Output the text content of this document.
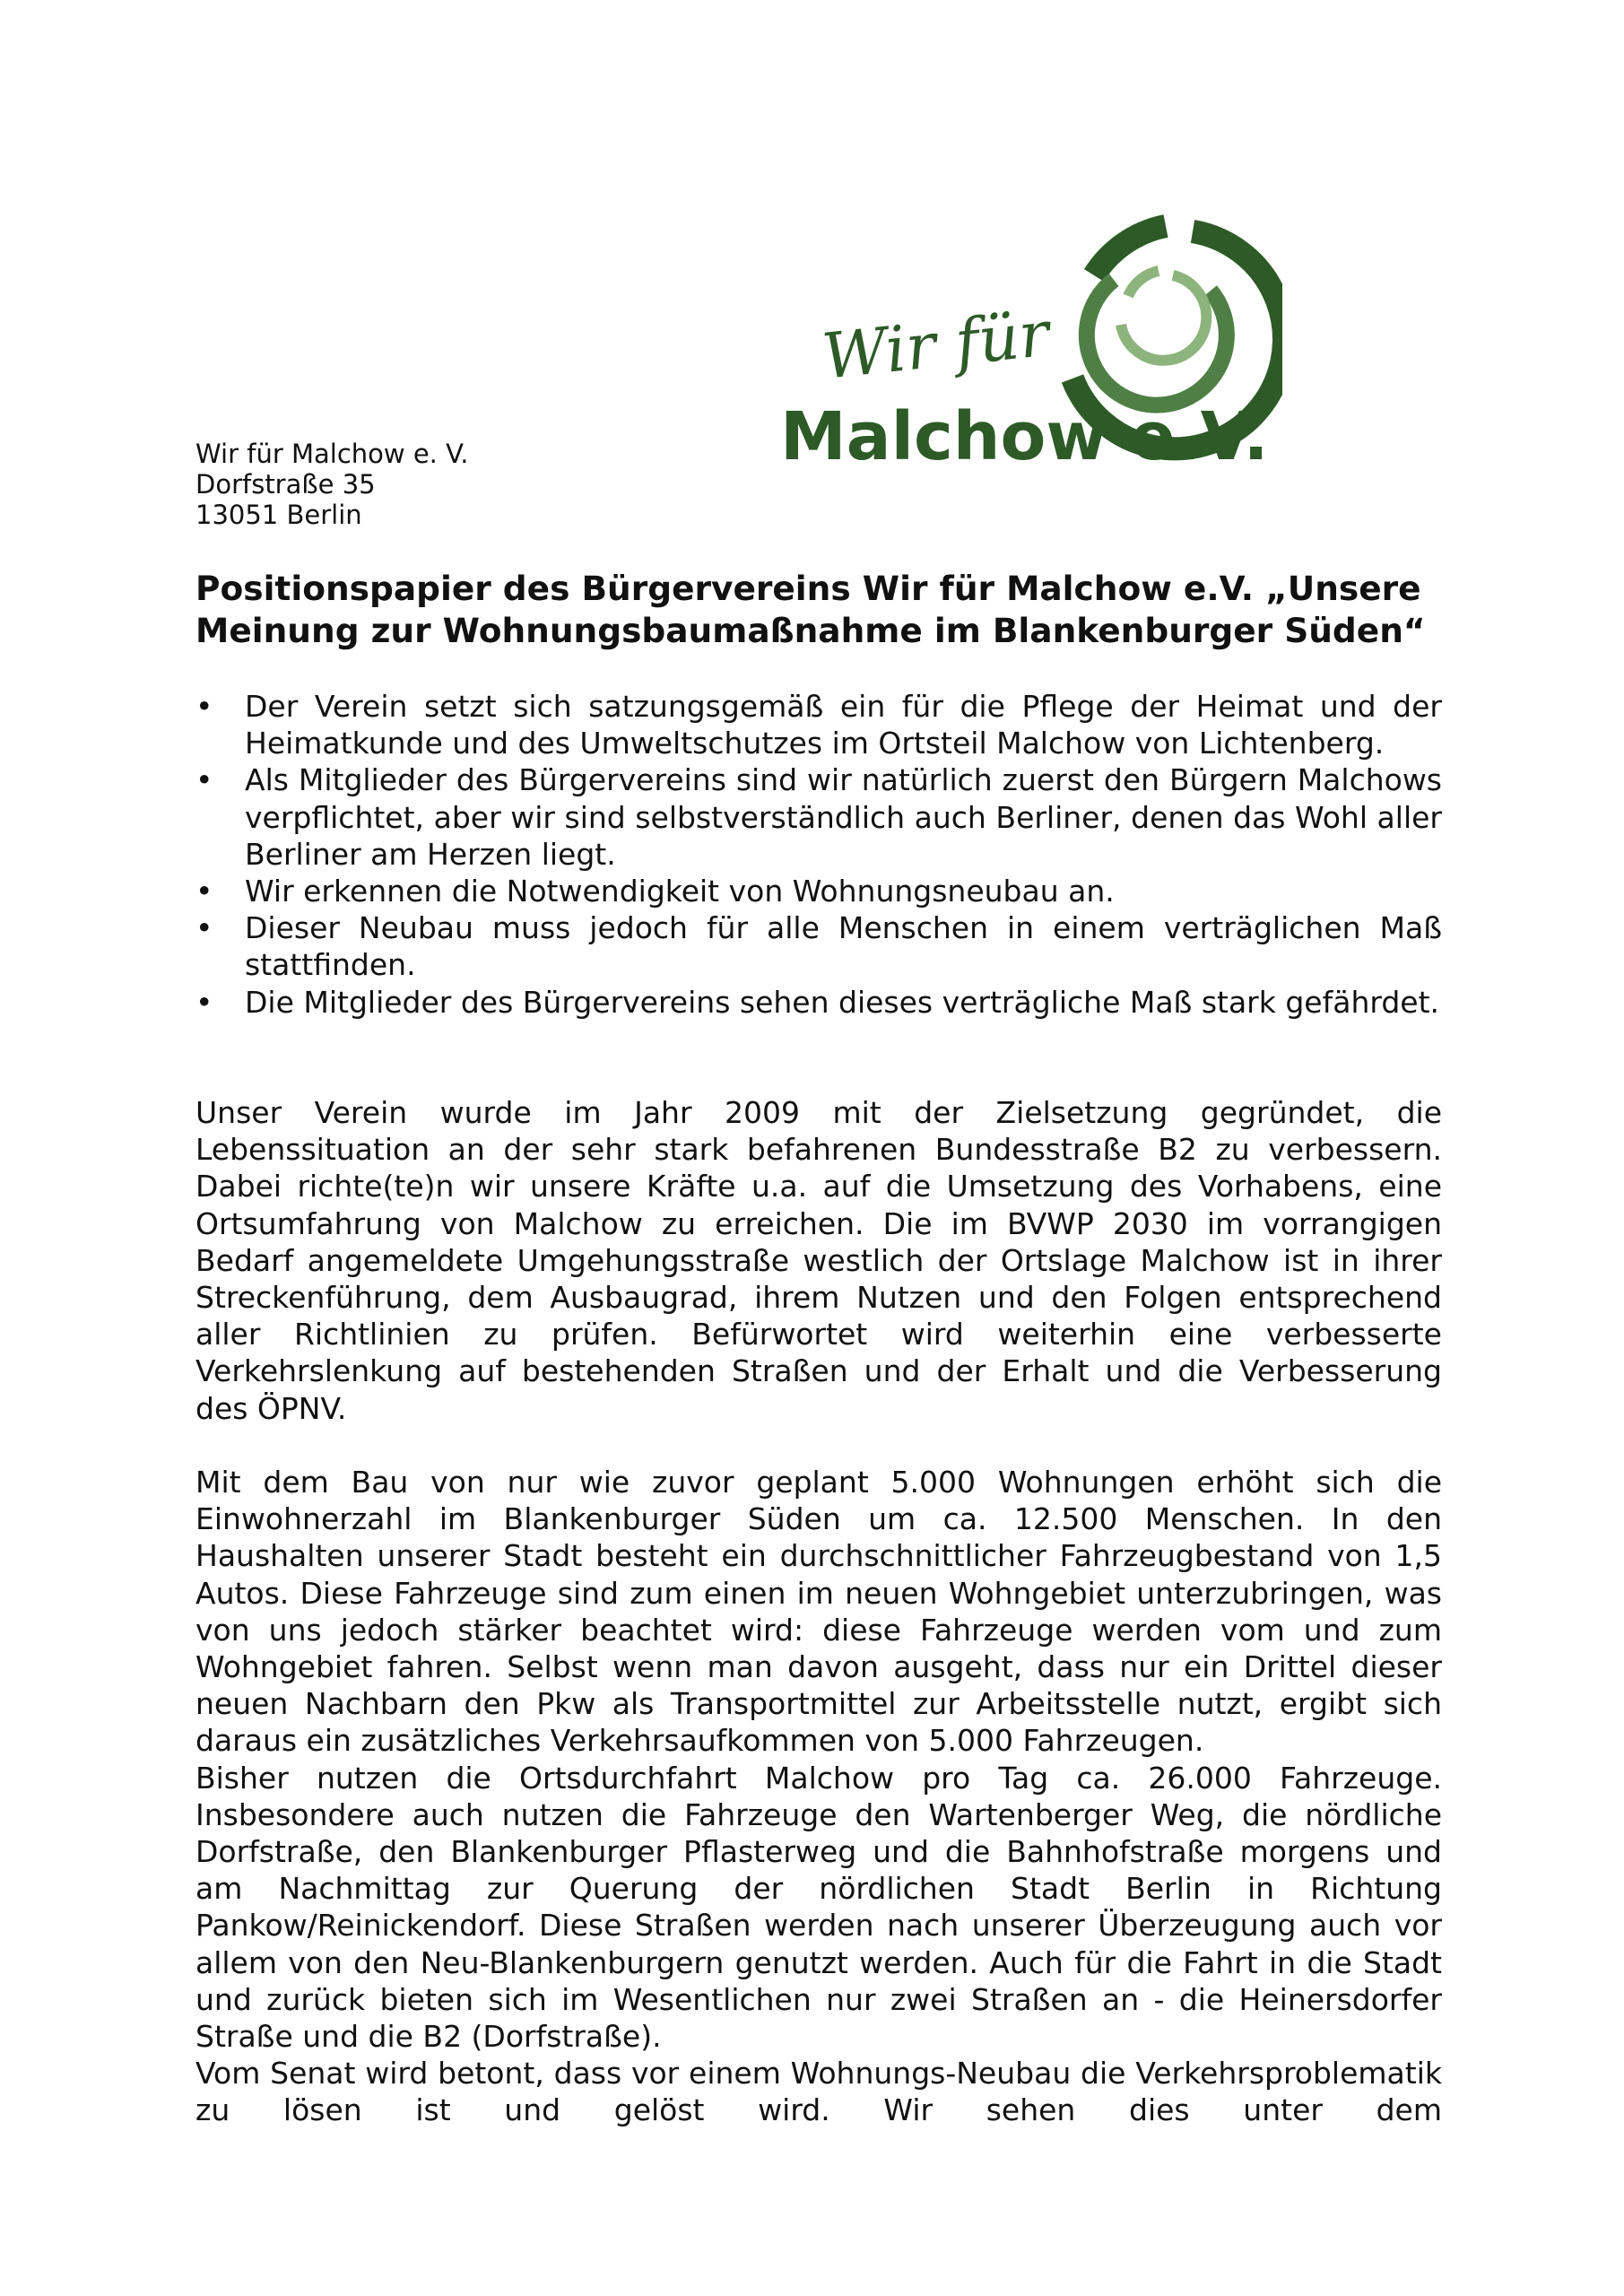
Wir für
Malchow e.V.
Wir für Malchow e. V.
Dorfstraße 35
13051 Berlin
Positionspapier des Bürgervereins Wir für Malchow e.V. „Unsere
Meinung zur Wohnungsbaumaßnahme im Blankenburger Süden“
• Der Verein setzt sich satzungsgemäß ein für die Pflege der Heimat und der Heimatkunde und des Umweltschutzes im Ortsteil Malchow von Lichtenberg.
• Als Mitglieder des Bürgervereins sind wir natürlich zuerst den Bürgern Malchows verpflichtet, aber wir sind selbstverständlich auch Berliner, denen das Wohl aller Berliner am Herzen liegt.
• Wir erkennen die Notwendigkeit von Wohnungsneubau an.
• Dieser Neubau muss jedoch für alle Menschen in einem verträglichen Maß stattfinden.
• Die Mitglieder des Bürgervereins sehen dieses verträgliche Maß stark gefährdet.

Unser Verein wurde im Jahr 2009 mit der Zielsetzung gegründet, die Lebenssituation an der sehr stark befahrenen Bundesstraße B2 zu verbessern. Dabei richte(te)n wir unsere Kräfte u.a. auf die Umsetzung des Vorhabens, eine Ortsumfahrung von Malchow zu erreichen. Die im BVWP 2030 im vorrangigen Bedarf angemeldete Umgehungsstraße westlich der Ortslage Malchow ist in ihrer Streckenführung, dem Ausbaugrad, ihrem Nutzen und den Folgen entsprechend aller Richtlinien zu prüfen. Befürwortet wird weiterhin eine verbesserte Verkehrslenkung auf bestehenden Straßen und der Erhalt und die Verbesserung des ÖPNV.

Mit dem Bau von nur wie zuvor geplant 5.000 Wohnungen erhöht sich die Einwohnerzahl im Blankenburger Süden um ca. 12.500 Menschen. In den Haushalten unserer Stadt besteht ein durchschnittlicher Fahrzeugbestand von 1,5 Autos. Diese Fahrzeuge sind zum einen im neuen Wohngebiet unterzubringen, was von uns jedoch stärker beachtet wird: diese Fahrzeuge werden vom und zum Wohngebiet fahren. Selbst wenn man davon ausgeht, dass nur ein Drittel dieser neuen Nachbarn den Pkw als Transportmittel zur Arbeitsstelle nutzt, ergibt sich daraus ein zusätzliches Verkehrsaufkommen von 5.000 Fahrzeugen.
Bisher nutzen die Ortsdurchfahrt Malchow pro Tag ca. 26.000 Fahrzeuge. Insbesondere auch nutzen die Fahrzeuge den Wartenberger Weg, die nördliche Dorfstraße, den Blankenburger Pflasterweg und die Bahnhofstraße morgens und am Nachmittag zur Querung der nördlichen Stadt Berlin in Richtung Pankow/Reinickendorf. Diese Straßen werden nach unserer Überzeugung auch vor allem von den Neu-Blankenburgern genutzt werden. Auch für die Fahrt in die Stadt und zurück bieten sich im Wesentlichen nur zwei Straßen an - die Heinersdorfer Straße und die B2 (Dorfstraße).
Vom Senat wird betont, dass vor einem Wohnungs-Neubau die Verkehrsproblematik zu lösen ist und gelöst wird. Wir sehen dies unter dem
